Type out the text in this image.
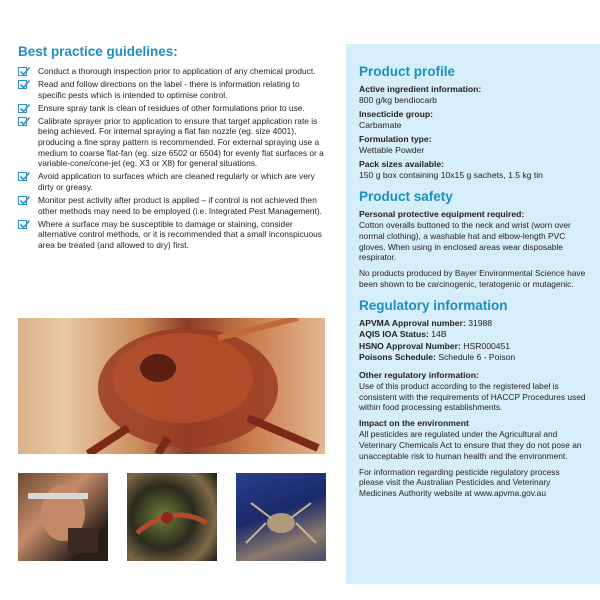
Best practice guidelines:
Conduct a thorough inspection prior to application of any chemical product.
Read and follow directions on the label - there is information relating to specific pests which is intended to optimise control.
Ensure spray tank is clean of residues of other formulations prior to use.
Calibrate sprayer prior to application to ensure that target application rate is being achieved. For internal spraying a flat fan nozzle (eg. size 4001), producing a fine spray pattern is recommended. For external spraying use a medium to coarse flat-fan (eg. size 6502 or 6504) for evenly flat surfaces or a variable-cone/cone-jet (eg. X3 or X8) for general situations.
Avoid application to surfaces which are cleaned regularly or which are very dirty or greasy.
Monitor pest activity after product is applied – if control is not achieved then other methods may need to be employed (i.e. Integrated Pest Management).
Where a surface may be susceptible to damage or staining, consider alternative control methods, or it is recommended that a small inconspicuous area be treated (and allowed to dry) first.
Product profile
Active ingredient information:
800 g/kg bendiocarb
Insecticide group:
Carbamate
Formulation type:
Wettable Powder
Pack sizes available:
150 g box containing 10x15 g sachets, 1.5 kg tin
Product safety
Personal protective equipment required:
Cotton overalls buttoned to the neck and wrist (worn over normal clothing), a washable hat and elbow-length PVC gloves. When using in enclosed areas wear disposable respirator.
No products produced by Bayer Environmental Science have been shown to be carcinogenic, teratogenic or mutagenic.
Regulatory information
APVMA Approval number: 31988
AQIS IOA Status: 14B
HSNO Approval Number: HSR000451
Poisons Schedule: Schedule 6 - Poison
Other regulatory information:
Use of this product according to the registered label is consistent with the requirements of HACCP Procedures used within food processing establishments.
Impact on the environment
All pesticides are regulated under the Agricultural and Veterinary Chemicals Act to ensure that they do not pose an unacceptable risk to human health and the environment.
For information regarding pesticide regulatory process please visit the Australian Pesticides and Veterinary Medicines Authority website at www.apvma.gov.au
